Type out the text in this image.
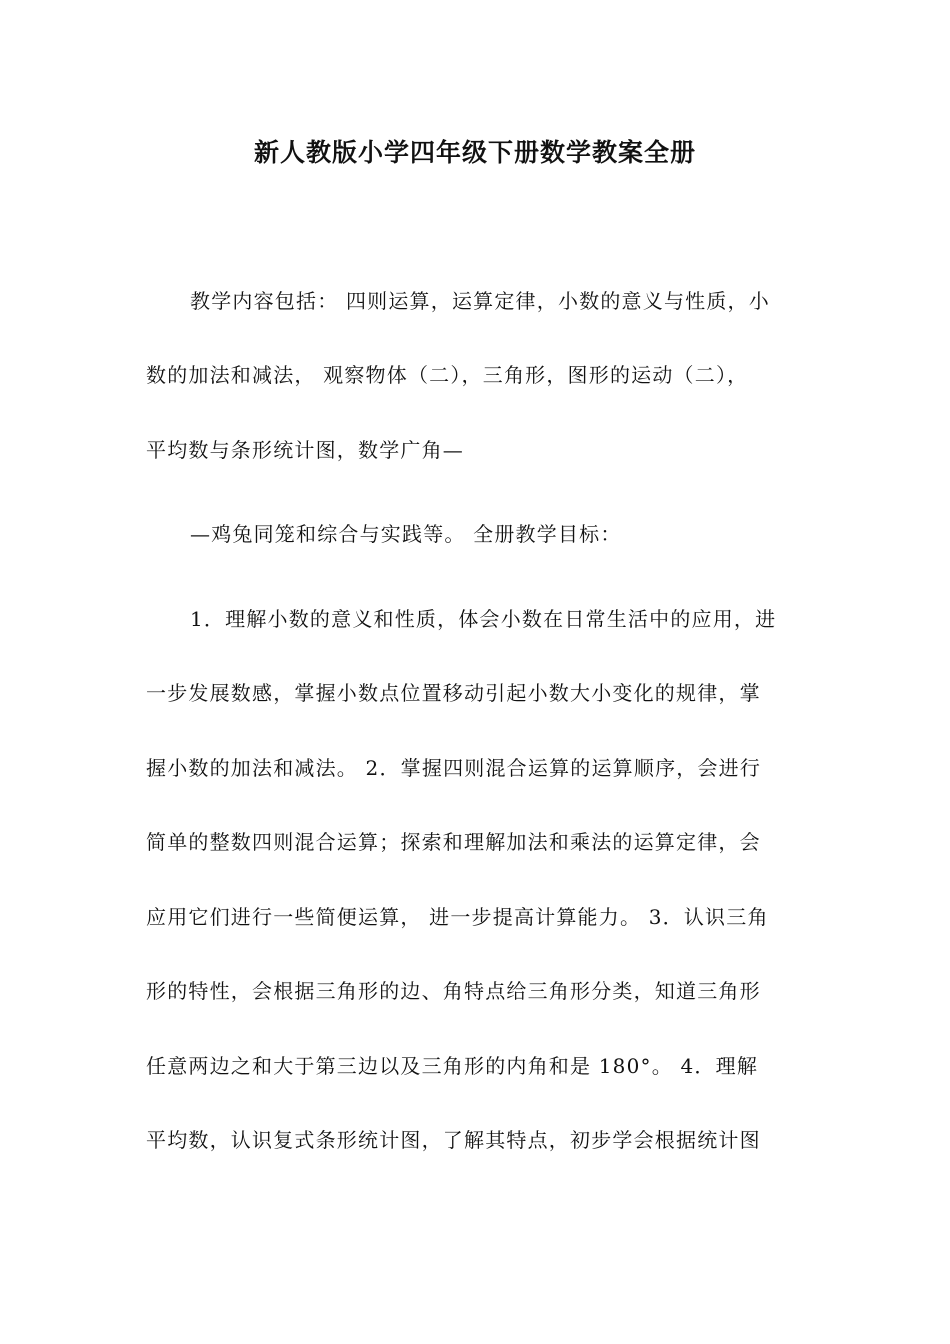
新人教版小学四年级下册数学教案全册
教学内容包括： 四则运算，运算定律，小数的意义与性质，小
数的加法和减法， 观察物体（二），三角形，图形的运动（二），
平均数与条形统计图，数学广角—
—鸡兔同笼和综合与实践等。 全册教学目标：
1．理解小数的意义和性质，体会小数在日常生活中的应用，进
一步发展数感，掌握小数点位置移动引起小数大小变化的规律，掌
握小数的加法和减法。 2．掌握四则混合运算的运算顺序，会进行
简单的整数四则混合运算；探索和理解加法和乘法的运算定律，会
应用它们进行一些简便运算， 进一步提高计算能力。 3．认识三角
形的特性，会根据三角形的边、角特点给三角形分类，知道三角形
任意两边之和大于第三边以及三角形的内角和是 180°。 4．理解
平均数，认识复式条形统计图，了解其特点，初步学会根据统计图
